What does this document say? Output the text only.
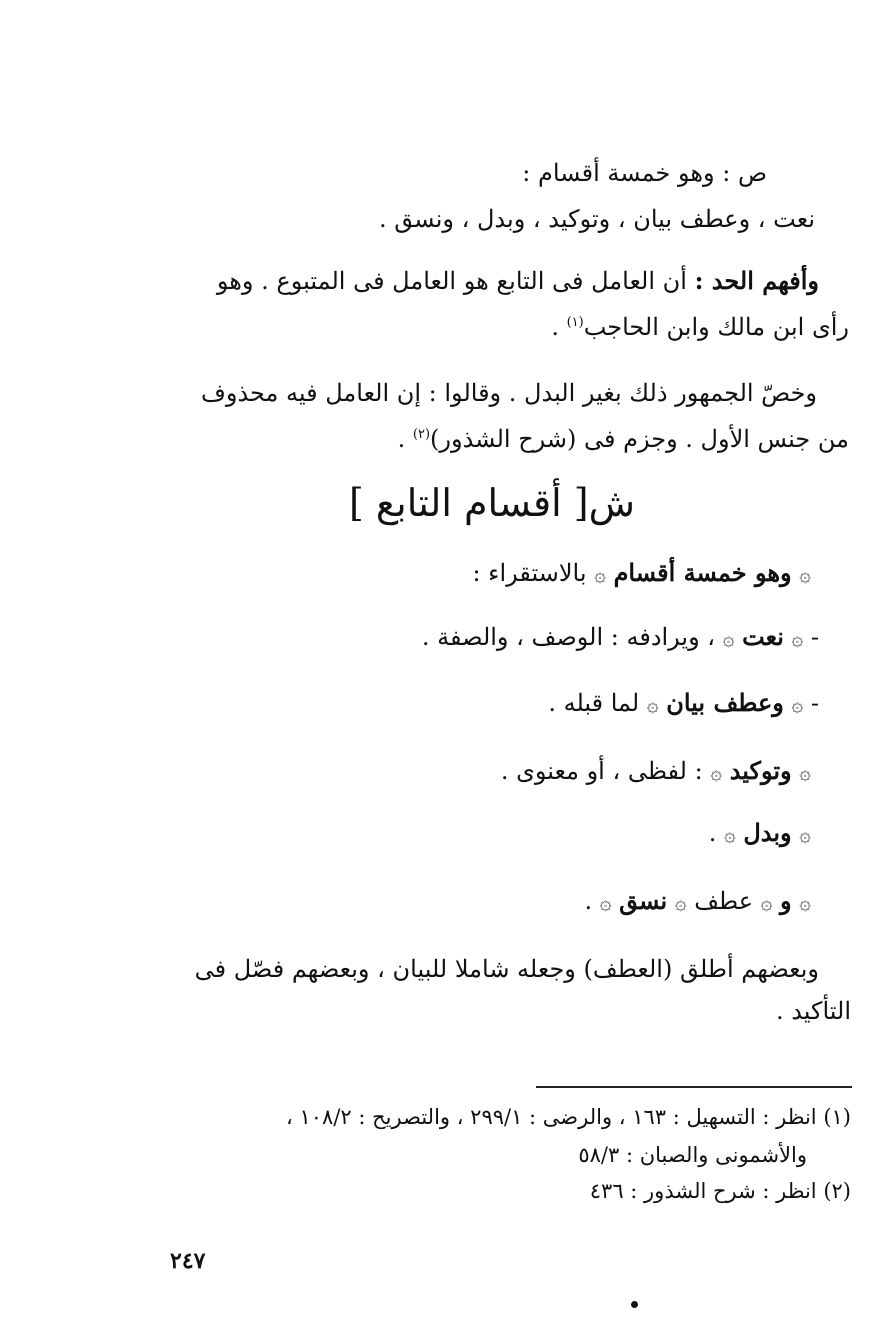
ص : وهو خمسة أقسام :
نعت ، وعطف بيان ، وتوكيد ، وبدل ، ونسق .
وأفهم الحد : أن العامل فى التابع هو العامل فى المتبوع . وهو
رأى ابن مالك وابن الحاجب$^{(١)}$ .
وخصّ الجمهور ذلك بغير البدل . وقالوا : إن العامل فيه محذوف
من جنس الأول . وجزم فى (شرح الشذور)$^{(٢)}$ .
ش[ أقسام التابع ]
۞ وهو خمسة أقسام ۞ بالاستقراء :
- ۞ نعت ۞ ، ويرادفه : الوصف ، والصفة .
- ۞ وعطف بيان ۞ لما قبله .
۞ وتوكيد ۞ : لفظى ، أو معنوى .
۞ وبدل ۞ .
۞ و ۞ عطف ۞ نسق ۞ .
وبعضهم أطلق (العطف) وجعله شاملا للبيان ، وبعضهم فصّل فى
التأكيد .
(١) انظر : التسهيل : ١٦٣ ، والرضى : ٢٩٩/١ ، والتصريح : ١٠٨/٢ ،
والأشمونى والصبان : ٥٨/٣
(٢) انظر : شرح الشذور : ٤٣٦
٢٤٧
